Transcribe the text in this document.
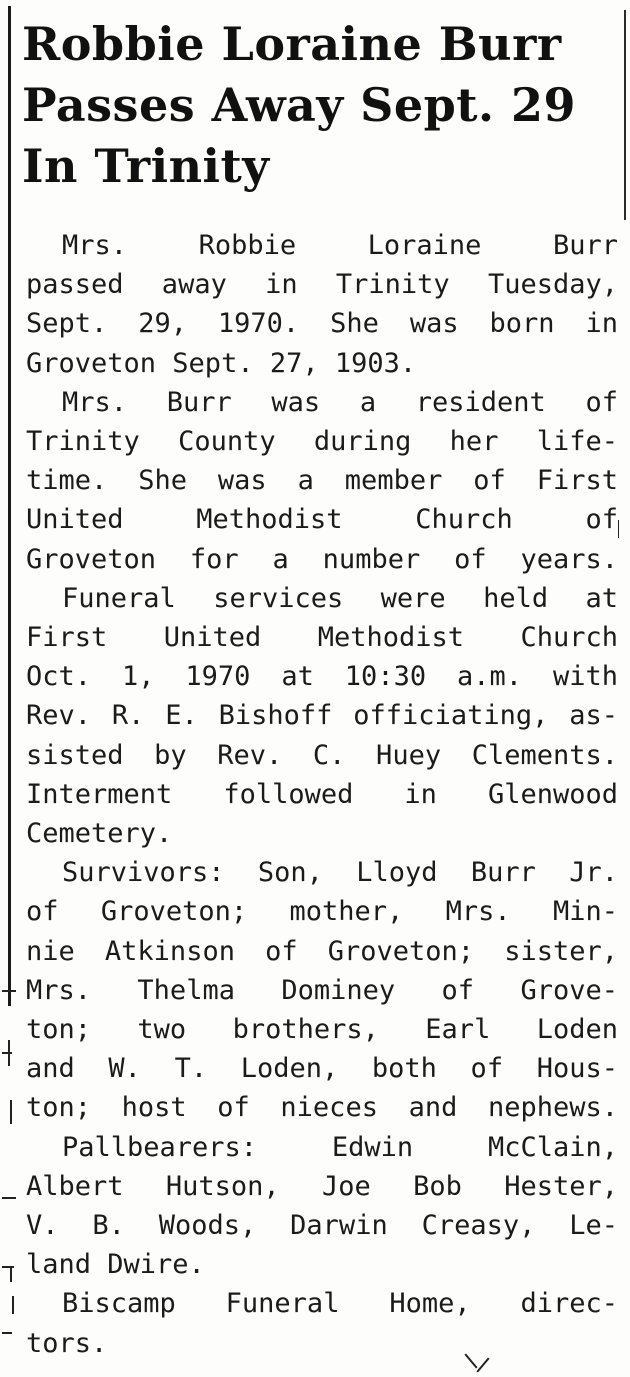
Robbie Loraine Burr
Passes Away Sept. 29
In Trinity

Mrs. Robbie Loraine Burr
passed away in Trinity Tuesday,
Sept. 29, 1970. She was born in
Groveton Sept. 27, 1903.

Mrs. Burr was a resident of
Trinity County during her life-
time. She was a member of First
United Methodist Church of
Groveton for a number of years.

Funeral services were held at
First United Methodist Church
Oct. 1, 1970 at 10:30 a.m. with
Rev. R. E. Bishoff officiating, as-
sisted by Rev. C. Huey Clements.
Interment followed in Glenwood
Cemetery.

Survivors: Son, Lloyd Burr Jr.
of Groveton; mother, Mrs. Min-
nie Atkinson of Groveton; sister,
Mrs. Thelma Dominey of Grove-
ton; two brothers, Earl Loden
and W. T. Loden, both of Hous-
ton; host of nieces and nephews.

Pallbearers: Edwin McClain,
Albert Hutson, Joe Bob Hester,
V. B. Woods, Darwin Creasy, Le-
land Dwire.

Biscamp Funeral Home, direc-
tors.
